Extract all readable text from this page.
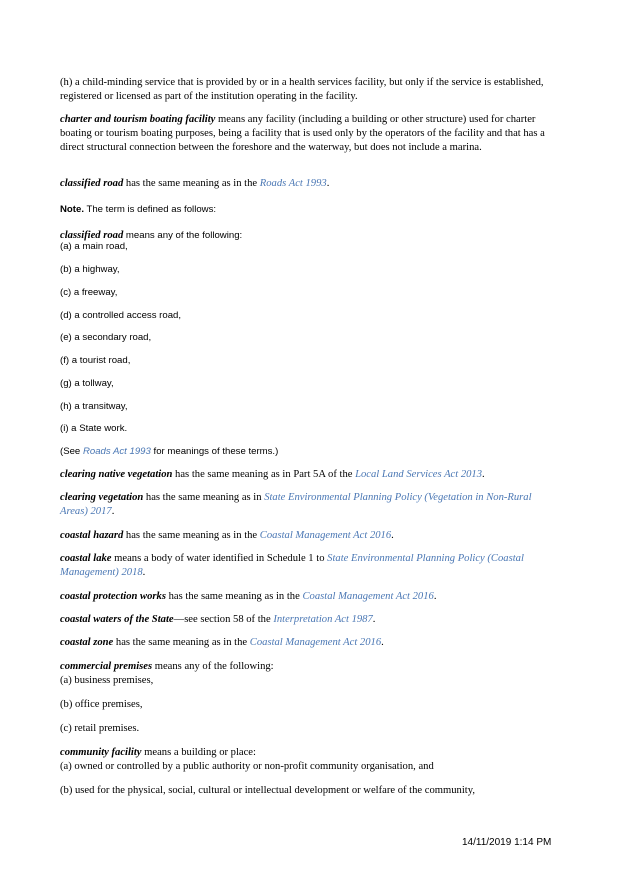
(h) a child-minding service that is provided by or in a health services facility, but only if the service is established, registered or licensed as part of the institution operating in the facility.

charter and tourism boating facility means any facility (including a building or other structure) used for charter boating or tourism boating purposes, being a facility that is used only by the operators of the facility and that has a direct structural connection between the foreshore and the waterway, but does not include a marina.

classified road has the same meaning as in the Roads Act 1993.

Note. The term is defined as follows:

classified road means any of the following:

(a) a main road,

(b) a highway,

(c) a freeway,

(d) a controlled access road,

(e) a secondary road,

(f) a tourist road,

(g) a tollway,

(h) a transitway,

(i) a State work.

(See Roads Act 1993 for meanings of these terms.)

clearing native vegetation has the same meaning as in Part 5A of the Local Land Services Act 2013.

clearing vegetation has the same meaning as in State Environmental Planning Policy (Vegetation in Non-Rural Areas) 2017.

coastal hazard has the same meaning as in the Coastal Management Act 2016.

coastal lake means a body of water identified in Schedule 1 to State Environmental Planning Policy (Coastal Management) 2018.

coastal protection works has the same meaning as in the Coastal Management Act 2016.

coastal waters of the State—see section 58 of the Interpretation Act 1987.

coastal zone has the same meaning as in the Coastal Management Act 2016.

commercial premises means any of the following:

(a) business premises,

(b) office premises,

(c) retail premises.

community facility means a building or place:

(a) owned or controlled by a public authority or non-profit community organisation, and

(b) used for the physical, social, cultural or intellectual development or welfare of the community,

14/11/2019 1:14 PM
